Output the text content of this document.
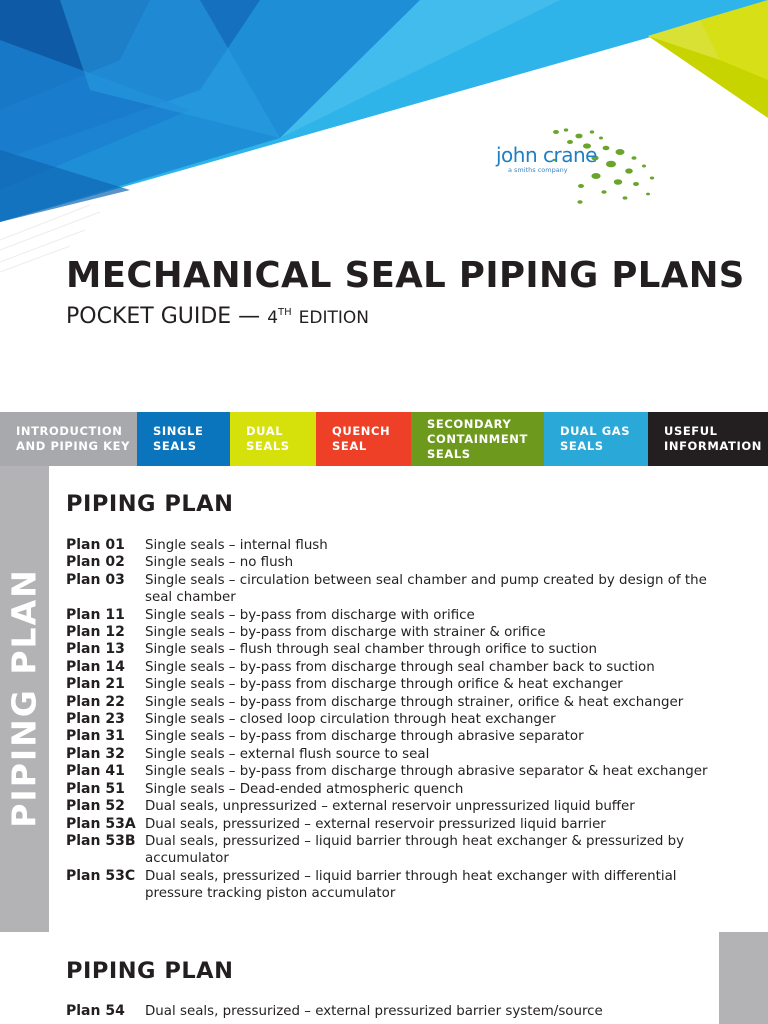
john crane
a smiths company
MECHANICAL SEAL PIPING PLANS
POCKET GUIDE — 4TH EDITION
INTRODUCTION
AND PIPING KEY
SINGLE
SEALS
DUAL
SEALS
QUENCH
SEAL
SECONDARY
CONTAINMENT
SEALS
DUAL GAS
SEALS
USEFUL
INFORMATION
PIPING PLAN
PIPING PLAN
Plan 01	Single seals – internal flush
Plan 02	Single seals – no flush
Plan 03	Single seals – circulation between seal chamber and pump created by design of the seal chamber
Plan 11	Single seals – by-pass from discharge with orifice
Plan 12	Single seals – by-pass from discharge with strainer & orifice
Plan 13	Single seals – flush through seal chamber through orifice to suction
Plan 14	Single seals – by-pass from discharge through seal chamber back to suction
Plan 21	Single seals – by-pass from discharge through orifice & heat exchanger
Plan 22	Single seals – by-pass from discharge through strainer, orifice & heat exchanger
Plan 23	Single seals – closed loop circulation through heat exchanger
Plan 31	Single seals – by-pass from discharge through abrasive separator
Plan 32	Single seals – external flush source to seal
Plan 41	Single seals – by-pass from discharge through abrasive separator & heat exchanger
Plan 51	Single seals – Dead-ended atmospheric quench
Plan 52	Dual seals, unpressurized – external reservoir unpressurized liquid buffer
Plan 53A Dual seals, pressurized – external reservoir pressurized liquid barrier
Plan 53B Dual seals, pressurized – liquid barrier through heat exchanger & pressurized by accumulator
Plan 53C Dual seals, pressurized – liquid barrier through heat exchanger with differential pressure tracking piston accumulator
PIPING PLAN
Plan 54	Dual seals, pressurized – external pressurized barrier system/source
